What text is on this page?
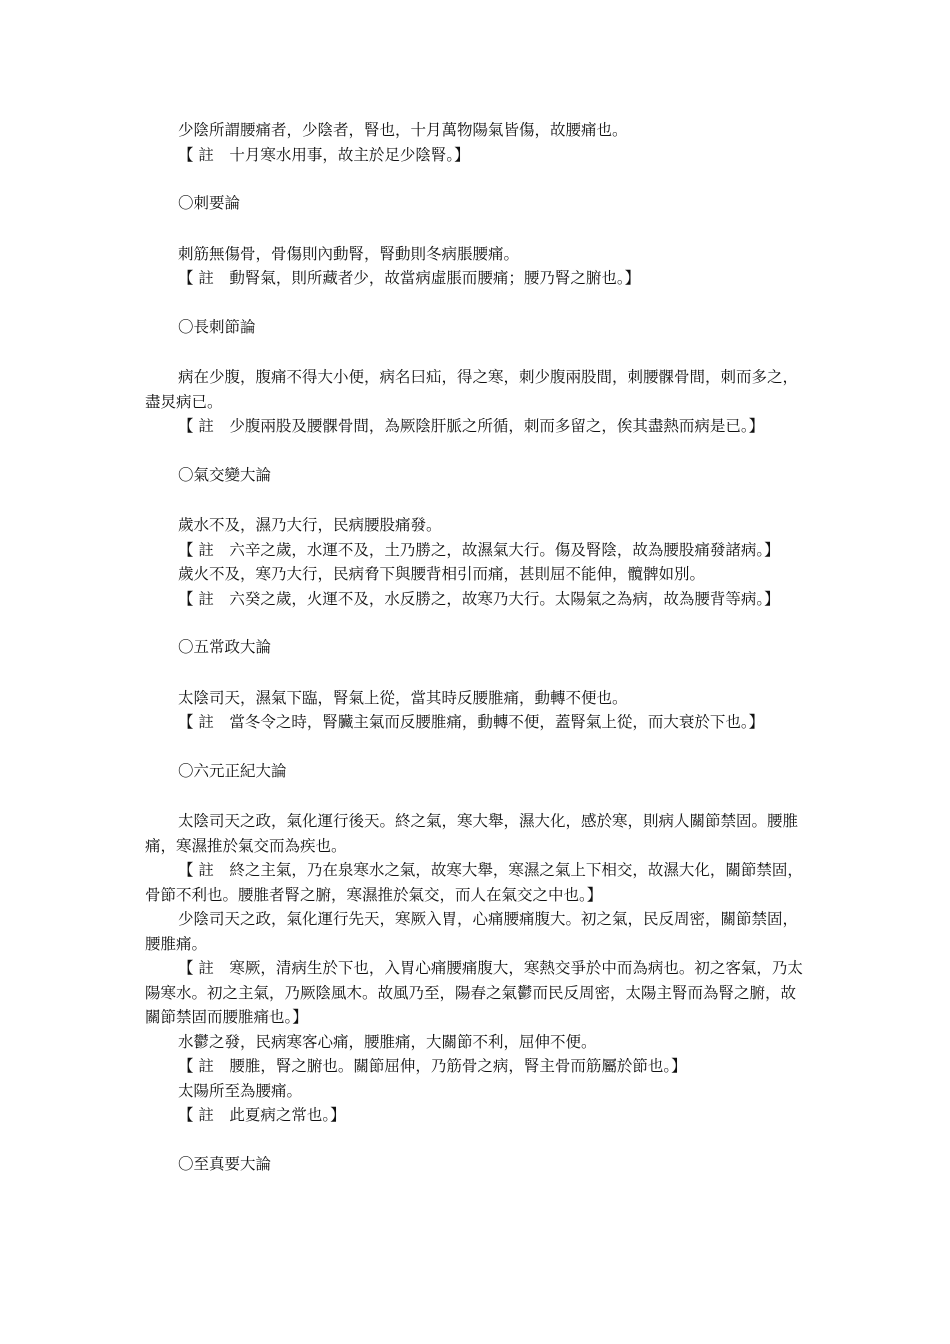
少陰所謂腰痛者，少陰者，腎也，十月萬物陽氣皆傷，故腰痛也。

【 註　十月寒水用事，故主於足少陰腎。】

〇刺要論

刺筋無傷骨，骨傷則內動腎，腎動則冬病脹腰痛。

【 註　動腎氣，則所藏者少，故當病虛脹而腰痛；腰乃腎之腑也。】

〇長刺節論

病在少腹，腹痛不得大小便，病名曰疝，得之寒，刺少腹兩股間，刺腰髁骨間，刺而多之，盡炅病已。

【 註　少腹兩股及腰髁骨間，為厥陰肝脈之所循，刺而多留之，俟其盡熱而病是已。】

〇氣交變大論

歲水不及，濕乃大行，民病腰股痛發。

【 註　六辛之歲，水運不及，土乃勝之，故濕氣大行。傷及腎陰，故為腰股痛發諸病。】

歲火不及，寒乃大行，民病脅下與腰背相引而痛，甚則屈不能伸，髖髀如別。

【 註　六癸之歲，火運不及，水反勝之，故寒乃大行。太陽氣之為病，故為腰背等病。】

〇五常政大論

太陰司天，濕氣下臨，腎氣上從，當其時反腰脽痛，動轉不便也。

【 註　當冬令之時，腎臟主氣而反腰脽痛，動轉不便，蓋腎氣上從，而大衰於下也。】

〇六元正紀大論

太陰司天之政，氣化運行後天。終之氣，寒大舉，濕大化，感於寒，則病人關節禁固。腰脽痛，寒濕推於氣交而為疾也。

【 註　終之主氣，乃在泉寒水之氣，故寒大舉，寒濕之氣上下相交，故濕大化，關節禁固，骨節不利也。腰脽者腎之腑，寒濕推於氣交，而人在氣交之中也。】

少陰司天之政，氣化運行先天，寒厥入胃，心痛腰痛腹大。初之氣，民反周密，關節禁固，腰脽痛。

【 註　寒厥，清病生於下也，入胃心痛腰痛腹大，寒熱交爭於中而為病也。初之客氣，乃太陽寒水。初之主氣，乃厥陰風木。故風乃至，陽春之氣鬱而民反周密，太陽主腎而為腎之腑，故關節禁固而腰脽痛也。】

水鬱之發，民病寒客心痛，腰脽痛，大關節不利，屈伸不便。

【 註　腰脽，腎之腑也。關節屈伸，乃筋骨之病，腎主骨而筋屬於節也。】

太陽所至為腰痛。

【 註　此夏病之常也。】

〇至真要大論
